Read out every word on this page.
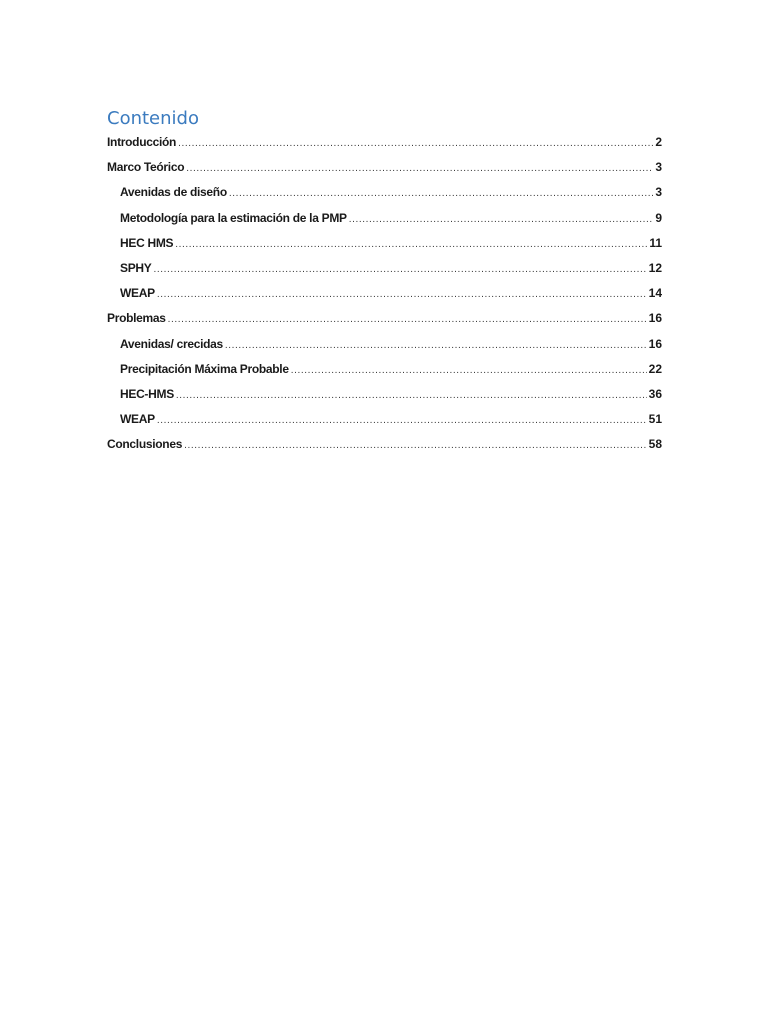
Contenido
Introducción .....	2
Marco Teórico .....	3
Avenidas de diseño .....	3
Metodología para la estimación de la PMP .....	9
HEC HMS .....	11
SPHY .....	12
WEAP .....	14
Problemas .....	16
Avenidas/ crecidas .....	16
Precipitación Máxima Probable .....	22
HEC-HMS .....	36
WEAP .....	51
Conclusiones .....	58
